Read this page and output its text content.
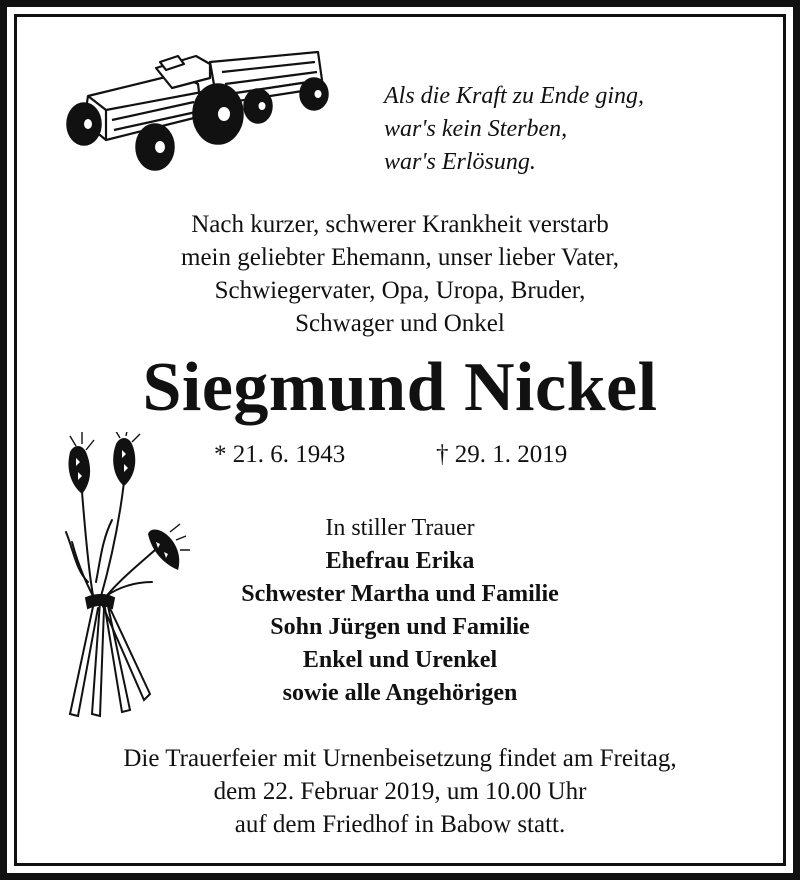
Als die Kraft zu Ende ging,
war's kein Sterben,
war's Erlösung.
Nach kurzer, schwerer Krankheit verstarb
mein geliebter Ehemann, unser lieber Vater,
Schwiegervater, Opa, Uropa, Bruder,
Schwager und Onkel
Siegmund Nickel
* 21. 6. 1943	† 29. 1. 2019
In stiller Trauer
Ehefrau Erika
Schwester Martha und Familie
Sohn Jürgen und Familie
Enkel und Urenkel
sowie alle Angehörigen
Die Trauerfeier mit Urnenbeisetzung findet am Freitag,
dem 22. Februar 2019, um 10.00 Uhr
auf dem Friedhof in Babow statt.
